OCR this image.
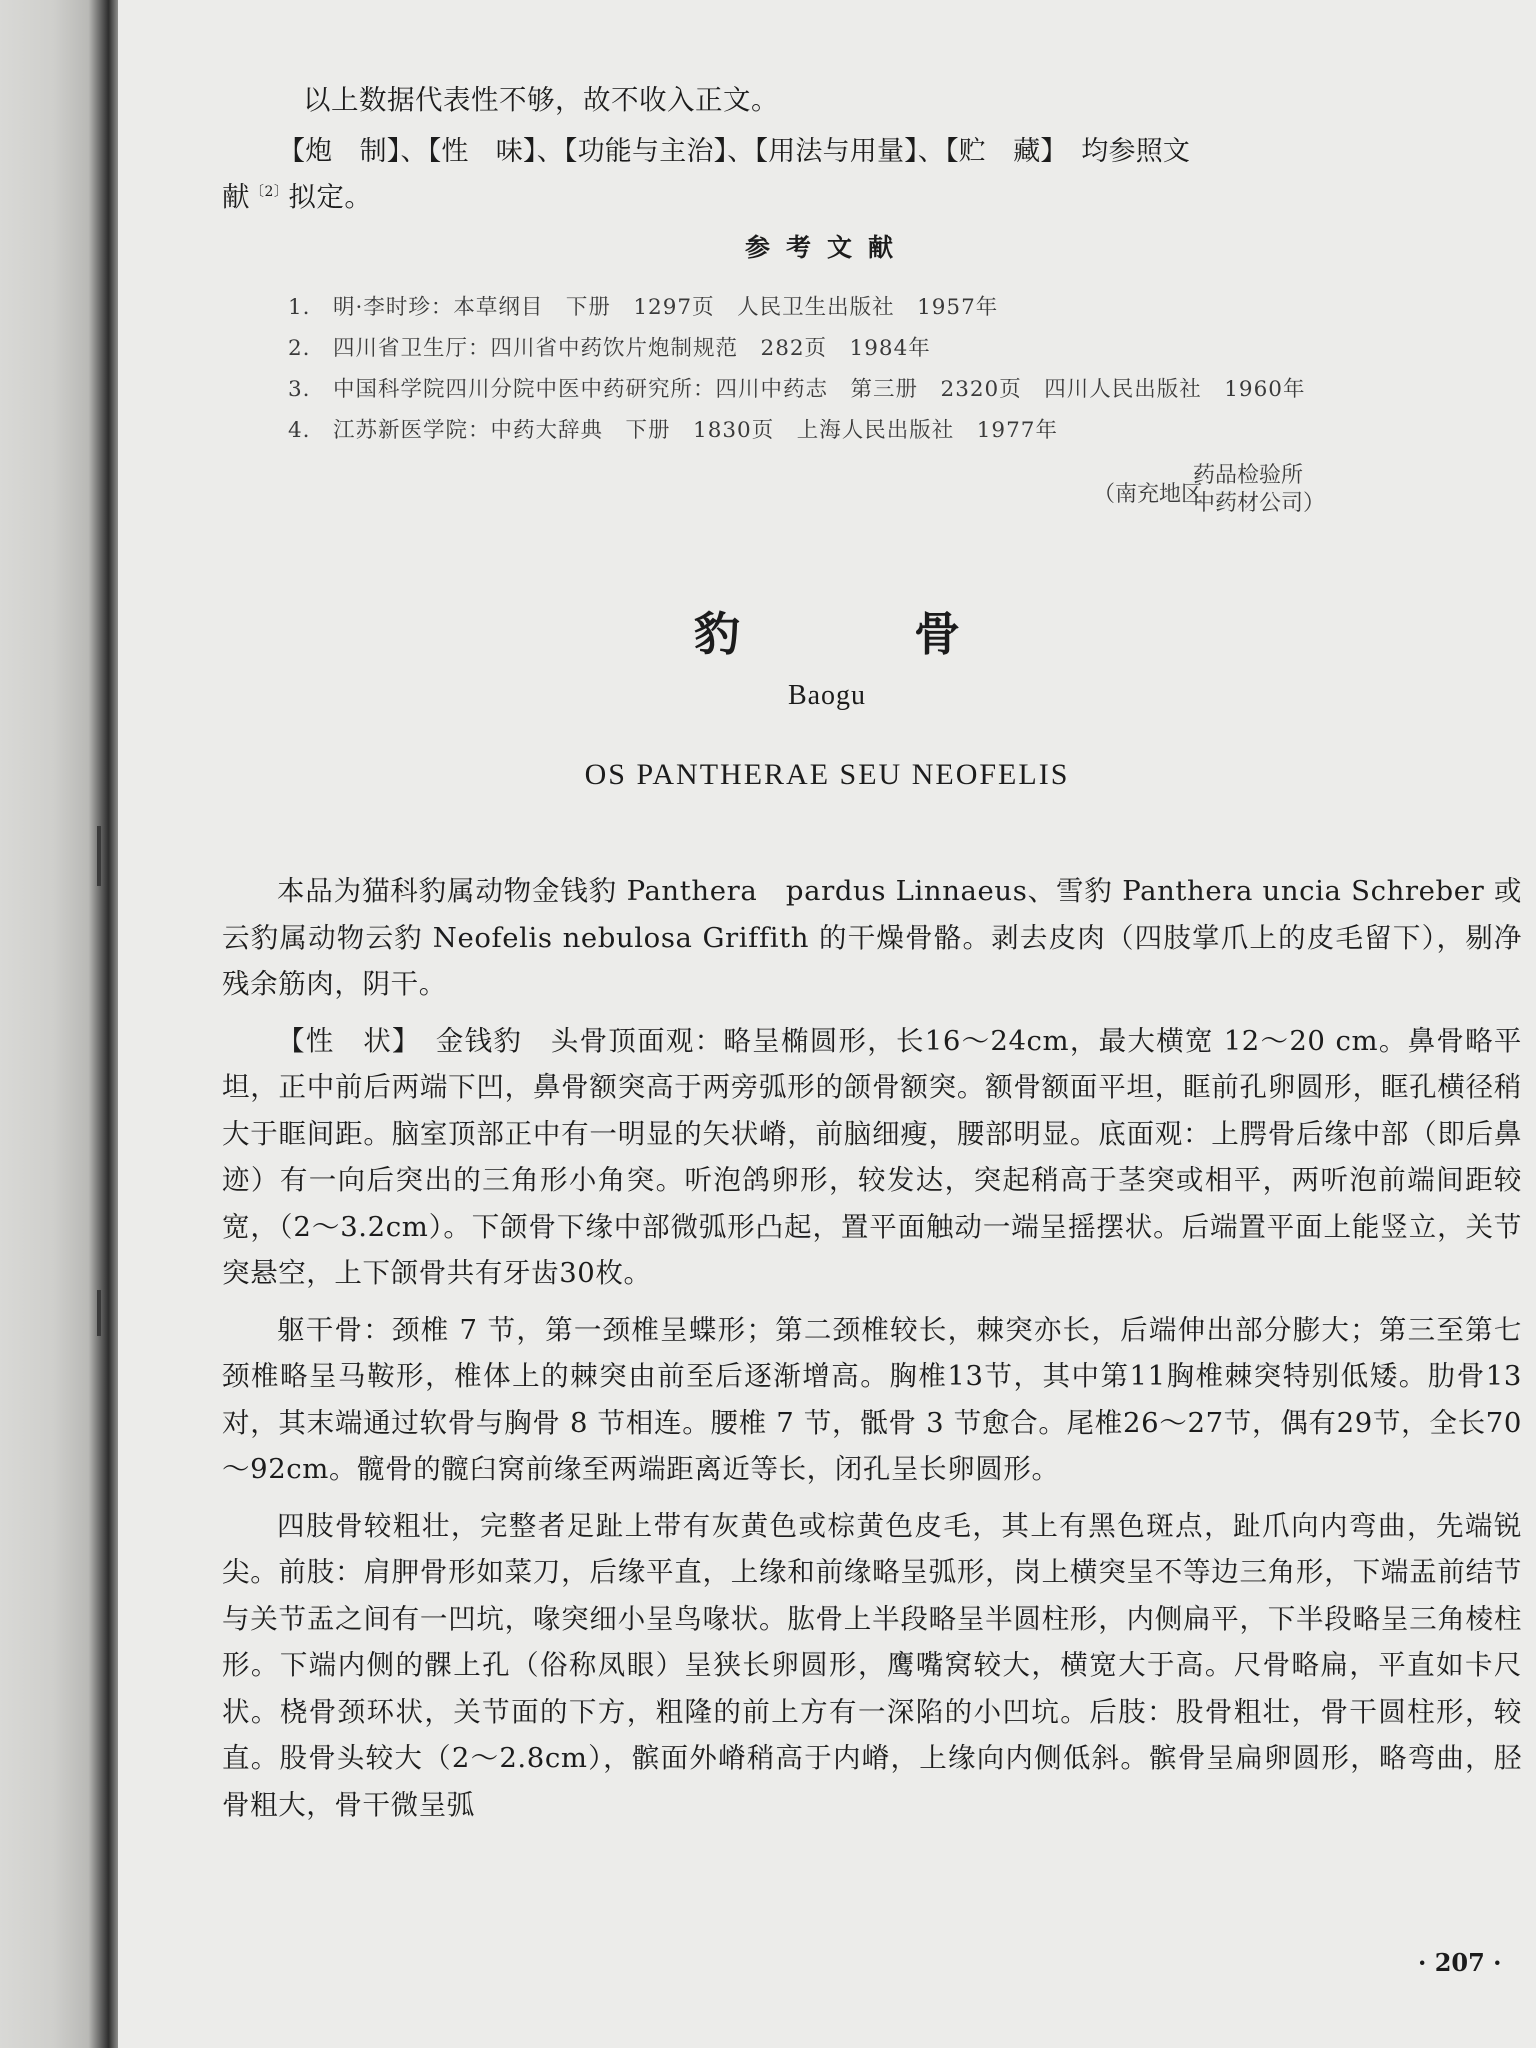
以上数据代表性不够，故不收入正文。

【炮　制】、【性　味】、【功能与主治】、【用法与用量】、【贮　藏】　均参照文

献$^{〔2〕}$拟定。

参考文献

1.　明·李时珍：本草纲目　下册　1297页　人民卫生出版社　1957年

2.　四川省卫生厅：四川省中药饮片炮制规范　282页　1984年

3.　中国科学院四川分院中医中药研究所：四川中药志　第三册　2320页　四川人民出版社　1960年

4.　江苏新医学院：中药大辞典　下册　1830页　上海人民出版社　1977年

（南充地区
药品检验所
中药材公司）
豹　骨

Baogu

OS PANTHERAE SEU NEOFELIS

本品为猫科豹属动物金钱豹 Panthera　pardus Linnaeus、雪豹 Panthera uncia Schreber 或云豹属动物云豹 Neofelis nebulosa Griffith 的干燥骨骼。剥去皮肉（四肢掌爪上的皮毛留下），剔净残余筋肉，阴干。

【性　状】　金钱豹　头骨顶面观：略呈椭圆形，长16～24cm，最大横宽 12～20 cm。鼻骨略平坦，正中前后两端下凹，鼻骨额突高于两旁弧形的颌骨额突。额骨额面平坦，眶前孔卵圆形，眶孔横径稍大于眶间距。脑室顶部正中有一明显的矢状嵴，前脑细瘦，腰部明显。底面观：上腭骨后缘中部（即后鼻迹）有一向后突出的三角形小角突。听泡鸽卵形，较发达，突起稍高于茎突或相平，两听泡前端间距较宽，（2～3.2cm）。下颌骨下缘中部微弧形凸起，置平面触动一端呈摇摆状。后端置平面上能竖立，关节突悬空，上下颌骨共有牙齿30枚。

躯干骨：颈椎 7 节，第一颈椎呈蝶形；第二颈椎较长，棘突亦长，后端伸出部分膨大；第三至第七颈椎略呈马鞍形，椎体上的棘突由前至后逐渐增高。胸椎13节，其中第11胸椎棘突特别低矮。肋骨13对，其末端通过软骨与胸骨 8 节相连。腰椎 7 节，骶骨 3 节愈合。尾椎26～27节，偶有29节，全长70～92cm。髋骨的髋臼窝前缘至两端距离近等长，闭孔呈长卵圆形。

四肢骨较粗壮，完整者足趾上带有灰黄色或棕黄色皮毛，其上有黑色斑点，趾爪向内弯曲，先端锐尖。前肢：肩胛骨形如菜刀，后缘平直，上缘和前缘略呈弧形，岗上横突呈不等边三角形，下端盂前结节与关节盂之间有一凹坑，喙突细小呈鸟喙状。肱骨上半段略呈半圆柱形，内侧扁平，下半段略呈三角棱柱形。下端内侧的髁上孔（俗称凤眼）呈狭长卵圆形，鹰嘴窝较大，横宽大于高。尺骨略扁，平直如卡尺状。桡骨颈环状，关节面的下方，粗隆的前上方有一深陷的小凹坑。后肢：股骨粗壮，骨干圆柱形，较直。股骨头较大（2～2.8cm），髌面外嵴稍高于内嵴，上缘向内侧低斜。髌骨呈扁卵圆形，略弯曲，胫骨粗大，骨干微呈弧

· 207 ·
